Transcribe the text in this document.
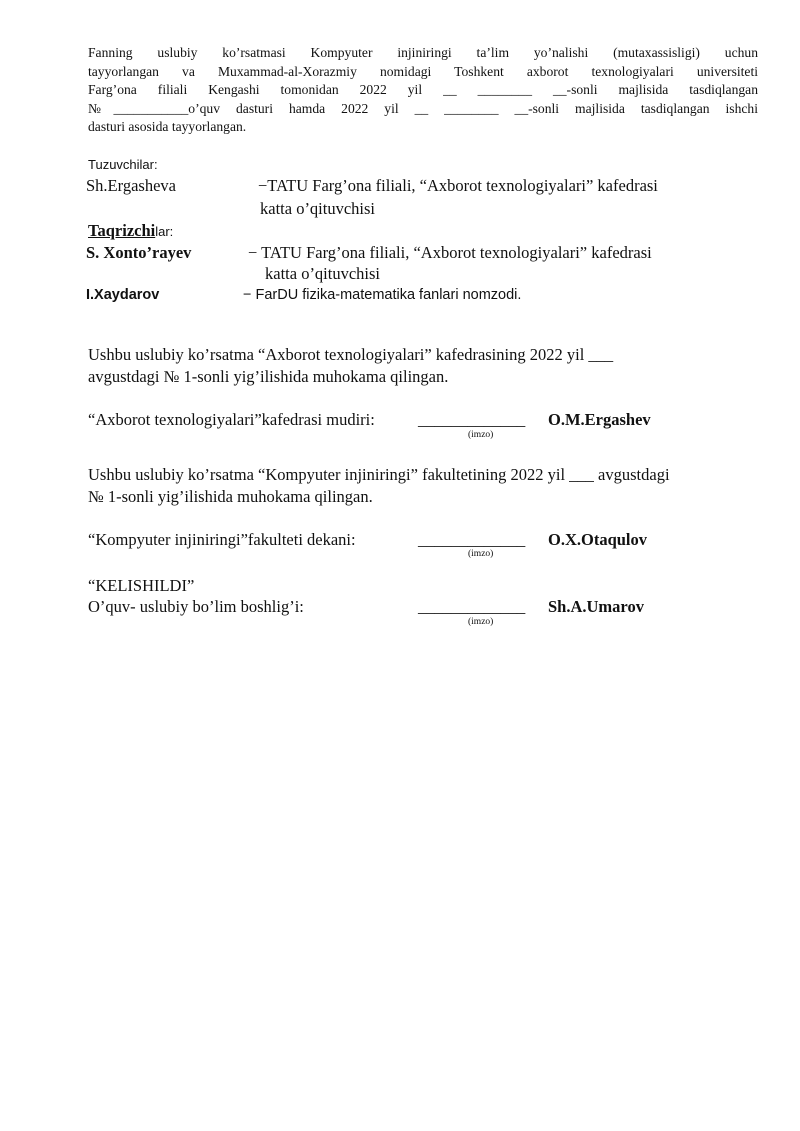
Fanning uslubiy ko’rsatmasi Kompyuter injiniringi ta’lim yo’nalishi (mutaxassisligi) uchun
tayyorlangan va Muxammad-al-Xorazmiy nomidagi Toshkent axborot texnologiyalari universiteti
Farg’ona filiali Kengashi tomonidan 2022 yil __ ________ __-sonli majlisida tasdiqlangan
№___________o’quv dasturi hamda 2022 yil __ ________ __-sonli majlisida tasdiqlangan ishchi
dasturi asosida tayyorlangan.
Tuzuvchilar:
Sh.Ergasheva	−TATU Farg’ona filiali, “Axborot texnologiyalari” kafedrasi
katta o’qituvchisi
Taqrizchilar:
S. Xonto’rayev	− TATU Farg’ona filiali, “Axborot texnologiyalari” kafedrasi
katta o’qituvchisi
I.Xaydarov	− FarDU fizika-matematika fanlari nomzodi.
Ushbu uslubiy ko’rsatma “Axborot texnologiyalari” kafedrasining 2022 yil ___
avgustdagi № 1-sonli yig’ilishida muhokama qilingan.
“Axborot texnologiyalari”kafedrasi mudiri:	_____________ O.M.Ergashev
(imzo)
Ushbu uslubiy ko’rsatma “Kompyuter injiniringi” fakultetining 2022 yil ___ avgustdagi
№ 1-sonli yig’ilishida muhokama qilingan.
“Kompyuter injiniringi”fakulteti dekani:	_____________ O.X.Otaqulov
(imzo)
“KELISHILDI”
O’quv- uslubiy bo’lim boshlig’i:	_____________ Sh.A.Umarov
(imzo)
